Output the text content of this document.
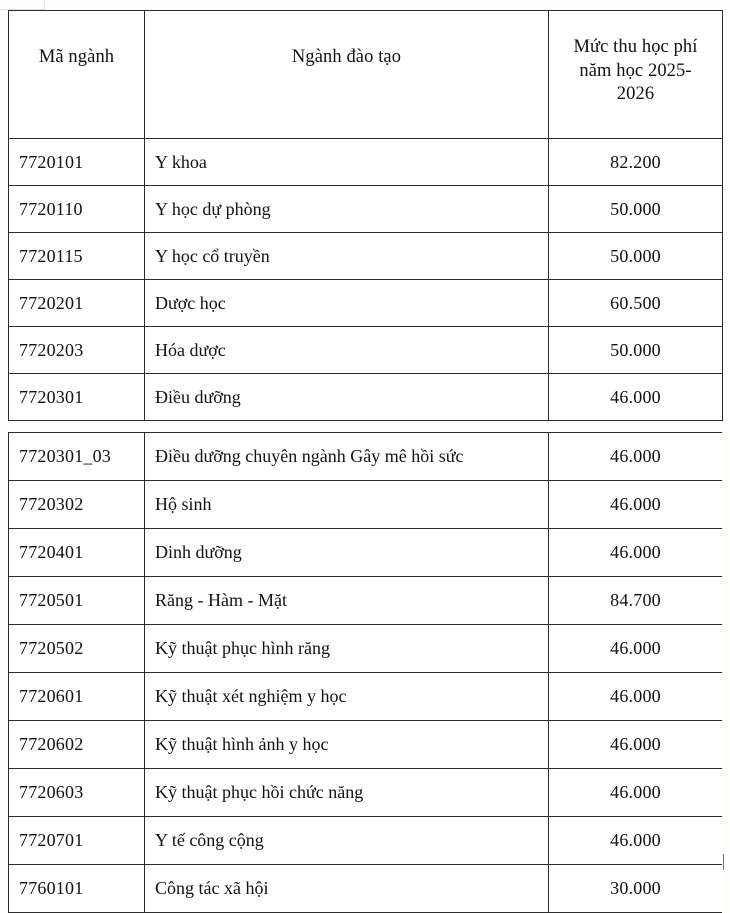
Mã ngành	Ngành đào tạo	Mức thu học phí
năm học 2025-
2026
7720101	Y khoa	82.200
7720110	Y học dự phòng	50.000
7720115	Y học cổ truyền	50.000
7720201	Dược học	60.500
7720203	Hóa dược	50.000
7720301	Điều dưỡng	46.000
7720301_03	Điều dưỡng chuyên ngành Gây mê hồi sức	46.000
7720302	Hộ sinh	46.000
7720401	Dinh dưỡng	46.000
7720501	Răng - Hàm - Mặt	84.700
7720502	Kỹ thuật phục hình răng	46.000
7720601	Kỹ thuật xét nghiệm y học	46.000
7720602	Kỹ thuật hình ảnh y học	46.000
7720603	Kỹ thuật phục hồi chức năng	46.000
7720701	Y tế công cộng	46.000
7760101	Công tác xã hội	30.000
